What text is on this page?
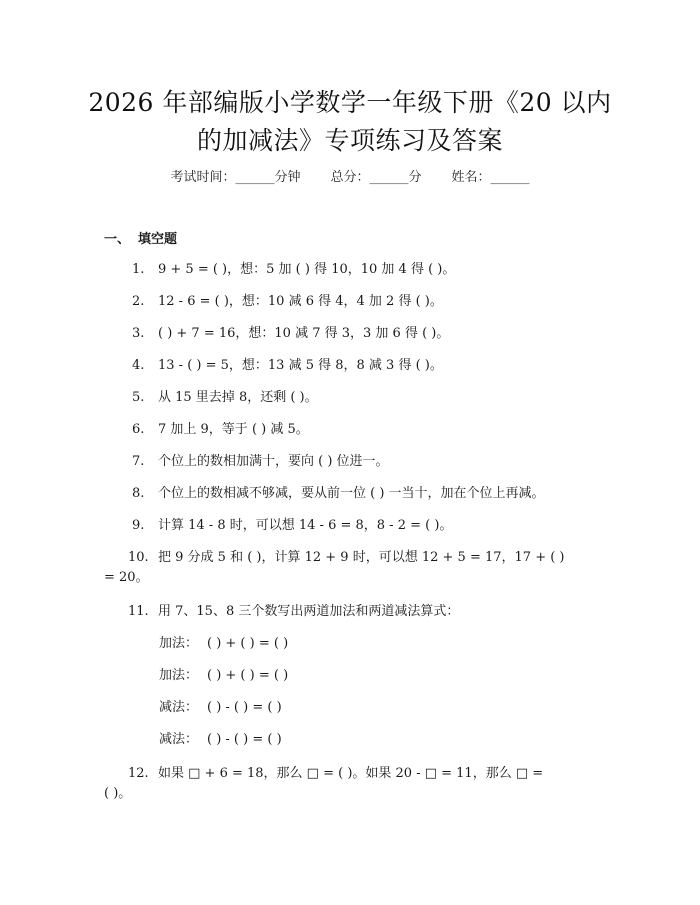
2026 年部编版小学数学一年级下册《20 以内
的加减法》专项练习及答案
考试时间：______分钟 总分：______分 姓名：______
一、 填空题
1. 9 + 5 = ( )，想：5 加 ( ) 得 10，10 加 4 得 ( )。
2. 12 - 6 = ( )，想：10 减 6 得 4，4 加 2 得 ( )。
3. ( ) + 7 = 16，想：10 减 7 得 3，3 加 6 得 ( )。
4. 13 - ( ) = 5，想：13 减 5 得 8，8 减 3 得 ( )。
5. 从 15 里去掉 8，还剩 ( )。
6. 7 加上 9，等于 ( ) 减 5。
7. 个位上的数相加满十，要向 ( ) 位进一。
8. 个位上的数相减不够减，要从前一位 ( ) 一当十，加在个位上再减。
9. 计算 14 - 8 时，可以想 14 - 6 = 8，8 - 2 = ( )。
10. 把 9 分成 5 和 ( )，计算 12 + 9 时，可以想 12 + 5 = 17，17 + ( )
= 20。
11. 用 7、15、8 三个数写出两道加法和两道减法算式：
加法： ( ) + ( ) = ( )
加法： ( ) + ( ) = ( )
减法： ( ) - ( ) = ( )
减法： ( ) - ( ) = ( )
12. 如果 □ + 6 = 18，那么 □ = ( )。如果 20 - □ = 11，那么 □ =
( )。
